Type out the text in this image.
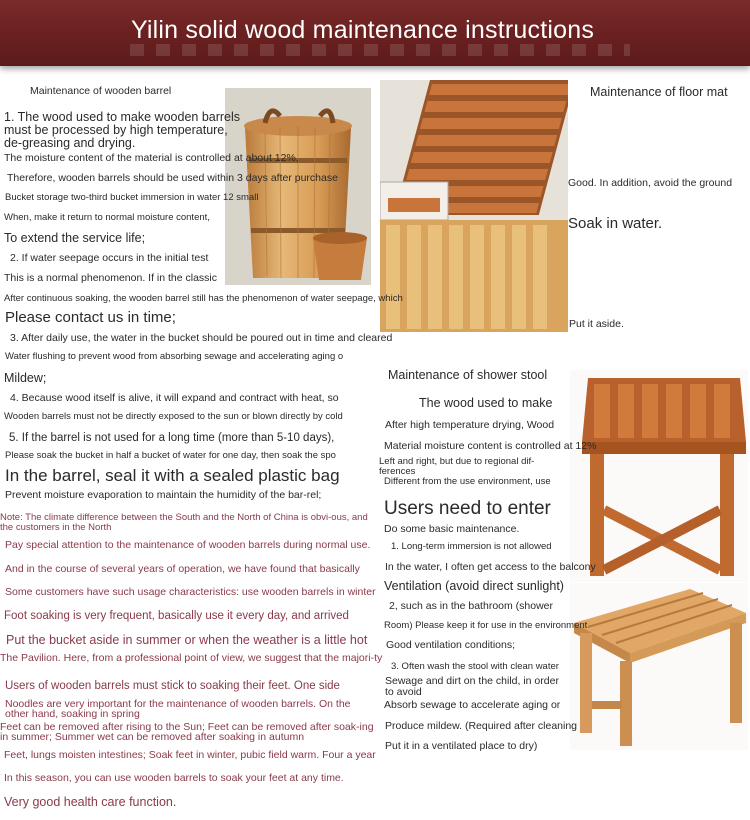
Yilin solid wood maintenance instructions
Maintenance of wooden barrel
1. The wood used to make wooden barrels must be processed by high temperature, de-greasing and drying.
The moisture content of the material is controlled at about 12%,
Therefore, wooden barrels should be used within 3 days after purchase
Bucket storage two-third bucket immersion in water 12 small
When, make it return to normal moisture content,
To extend the service life;
2. If water seepage occurs in the initial test
This is a normal phenomenon. If in the classic
After continuous soaking, the wooden barrel still has the phenomenon of water seepage, which
Please contact us in time;
3. After daily use, the water in the bucket should be poured out in time and cleared
Water flushing to prevent wood from absorbing sewage and accelerating aging o
Mildew;
4. Because wood itself is alive, it will expand and contract with heat, so
Wooden barrels must not be directly exposed to the sun or blown directly by cold
5. If the barrel is not used for a long time (more than 5-10 days),
Please soak the bucket in half a bucket of water for one day, then soak the spo
In the barrel, seal it with a sealed plastic bag
Prevent moisture evaporation to maintain the humidity of the bar-rel;
Note: The climate difference between the South and the North of China is obvi-ous, and the customers in the North
Pay special attention to the maintenance of wooden barrels during normal use.
And in the course of several years of operation, we have found that basically
Some customers have such usage characteristics: use wooden barrels in winter
Foot soaking is very frequent, basically use it every day, and arrived
Put the bucket aside in summer or when the weather is a little hot
The Pavilion. Here, from a professional point of view, we suggest that the majori-ty
Users of wooden barrels must stick to soaking their feet. One side
Noodles are very important for the maintenance of wooden barrels. On the other hand, soaking in spring
Feet can be removed after rising to the Sun; Feet can be removed after soak-ing in summer; Summer wet can be removed after soaking in autumn
Feet, lungs moisten intestines; Soak feet in winter, pubic field warm. Four a year
In this season, you can use wooden barrels to soak your feet at any time.
Very good health care function.
Maintenance of floor mat
Good. In addition, avoid the ground
Soak in water.
Put it aside.
Maintenance of shower stool
The wood used to make
After high temperature drying, Wood
Material moisture content is controlled at 12%
Left and right, but due to regional dif-ferences
Different from the use environment, use
Users need to enter
Do some basic maintenance.
1. Long-term immersion is not allowed
In the water, I often get access to the balcony
Ventilation (avoid direct sunlight)
2, such as in the bathroom (shower
Room) Please keep it for use in the environment
Good ventilation conditions;
3. Often wash the stool with clean water
Sewage and dirt on the child, in order to avoid
Absorb sewage to accelerate aging or
Produce mildew. (Required after cleaning
Put it in a ventilated place to dry)
